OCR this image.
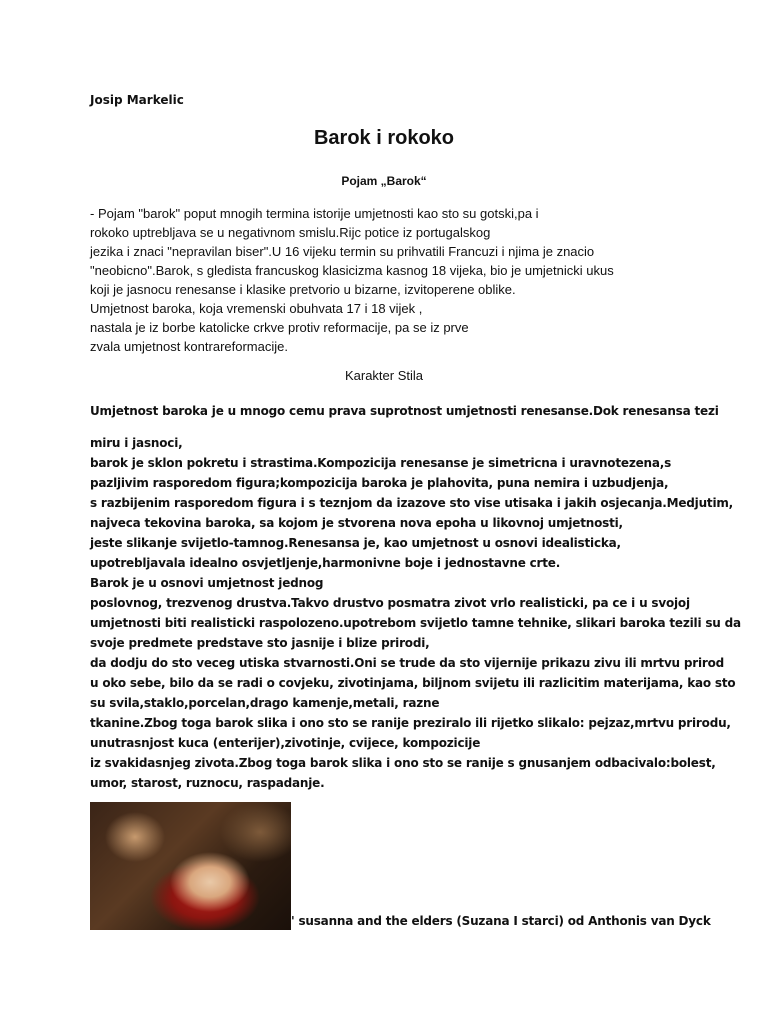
Josip Markelic
Barok i rokoko
Pojam „Barok“
- Pojam "barok" poput mnogih termina istorije umjetnosti kao sto su gotski,pa i
rokoko uptrebljava se u negativnom smislu.Rijc potice iz portugalskog
jezika i znaci "nepravilan biser".U 16 vijeku termin su prihvatili Francuzi i njima je znacio
"neobicno".Barok, s gledista francuskog klasicizma kasnog 18 vijeka, bio je umjetnicki ukus
koji je jasnocu renesanse i klasike pretvorio u bizarne, izvitoperene oblike.
Umjetnost baroka, koja vremenski obuhvata 17 i 18 vijek ,
nastala je iz borbe katolicke crkve protiv reformacije, pa se iz prve
zvala umjetnost kontrareformacije.
Karakter Stila
Umjetnost baroka je u mnogo cemu prava suprotnost umjetnosti renesanse.Dok renesansa tezi
miru i jasnoci,
barok je sklon pokretu i strastima.Kompozicija renesanse je simetricna i uravnotezena,s
pazljivim rasporedom figura;kompozicija baroka je plahovita, puna nemira i uzbudjenja,
s razbijenim rasporedom figura i s teznjom da izazove sto vise utisaka i jakih osjecanja.Medjutim,
najveca tekovina baroka, sa kojom je stvorena nova epoha u likovnoj umjetnosti,
jeste slikanje svijetlo-tamnog.Renesansa je, kao umjetnost u osnovi idealisticka,
upotrebljavala idealno osvjetljenje,harmonivne boje i jednostavne crte.
Barok je u osnovi umjetnost jednog
poslovnog, trezvenog drustva.Takvo drustvo posmatra zivot vrlo realisticki, pa ce i u svojoj
umjetnosti biti realisticki raspolozeno.upotrebom svijetlo tamne tehnike, slikari baroka tezili su da
svoje predmete predstave sto jasnije i blize prirodi,
da dodju do sto veceg utiska stvarnosti.Oni se trude da sto vijernije prikazu zivu ili mrtvu prirod
u oko sebe, bilo da se radi o covjeku, zivotinjama, biljnom svijetu ili razlicitim materijama, kao sto
su svila,staklo,porcelan,drago kamenje,metali, razne
tkanine.Zbog toga barok slika i ono sto se ranije preziralo ili rijetko slikalo: pejzaz,mrtvu prirodu,
unutrasnjost kuca (enterijer),zivotinje, cvijece, kompozicije
iz svakidasnjeg zivota.Zbog toga barok slika i ono sto se ranije s gnusanjem odbacivalo:bolest,
umor, starost, ruznocu, raspadanje.
' susanna and the elders (Suzana I starci) od Anthonis van Dyck
